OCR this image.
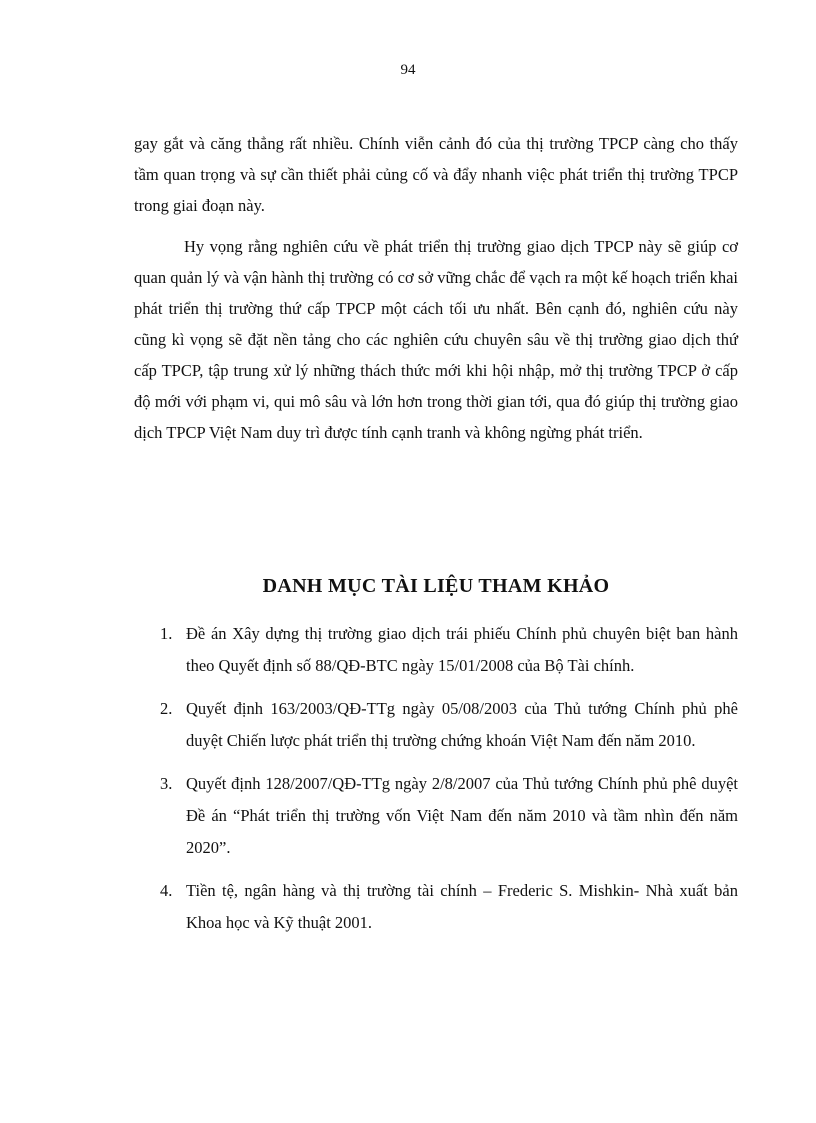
94

gay gắt và căng thẳng rất nhiều. Chính viễn cảnh đó của thị trường TPCP càng cho thấy tầm quan trọng và sự cần thiết phải củng cố và đẩy nhanh việc phát triển thị trường TPCP trong giai đoạn này.

Hy vọng rằng nghiên cứu về phát triển thị trường giao dịch TPCP này sẽ giúp cơ quan quản lý và vận hành thị trường có cơ sở vững chắc để vạch ra một kế hoạch triển khai phát triển thị trường thứ cấp TPCP một cách tối ưu nhất. Bên cạnh đó, nghiên cứu này cũng kì vọng sẽ đặt nền tảng cho các nghiên cứu chuyên sâu về thị trường giao dịch thứ cấp TPCP, tập trung xử lý những thách thức mới khi hội nhập, mở thị trường TPCP ở cấp độ mới với phạm vi, qui mô sâu và lớn hơn trong thời gian tới, qua đó giúp thị trường giao dịch TPCP Việt Nam duy trì được tính cạnh tranh và không ngừng phát triển.

DANH MỤC TÀI LIỆU THAM KHẢO
1. Đề án Xây dựng thị trường giao dịch trái phiếu Chính phủ chuyên biệt ban hành theo Quyết định số 88/QĐ-BTC ngày 15/01/2008 của Bộ Tài chính.
2. Quyết định 163/2003/QĐ-TTg ngày 05/08/2003 của Thủ tướng Chính phủ phê duyệt Chiến lược phát triển thị trường chứng khoán Việt Nam đến năm 2010.
3. Quyết định 128/2007/QĐ-TTg ngày 2/8/2007 của Thủ tướng Chính phủ phê duyệt Đề án “Phát triển thị trường vốn Việt Nam đến năm 2010 và tầm nhìn đến năm 2020”.
4. Tiền tệ, ngân hàng và thị trường tài chính – Frederic S. Mishkin- Nhà xuất bản Khoa học và Kỹ thuật 2001.
